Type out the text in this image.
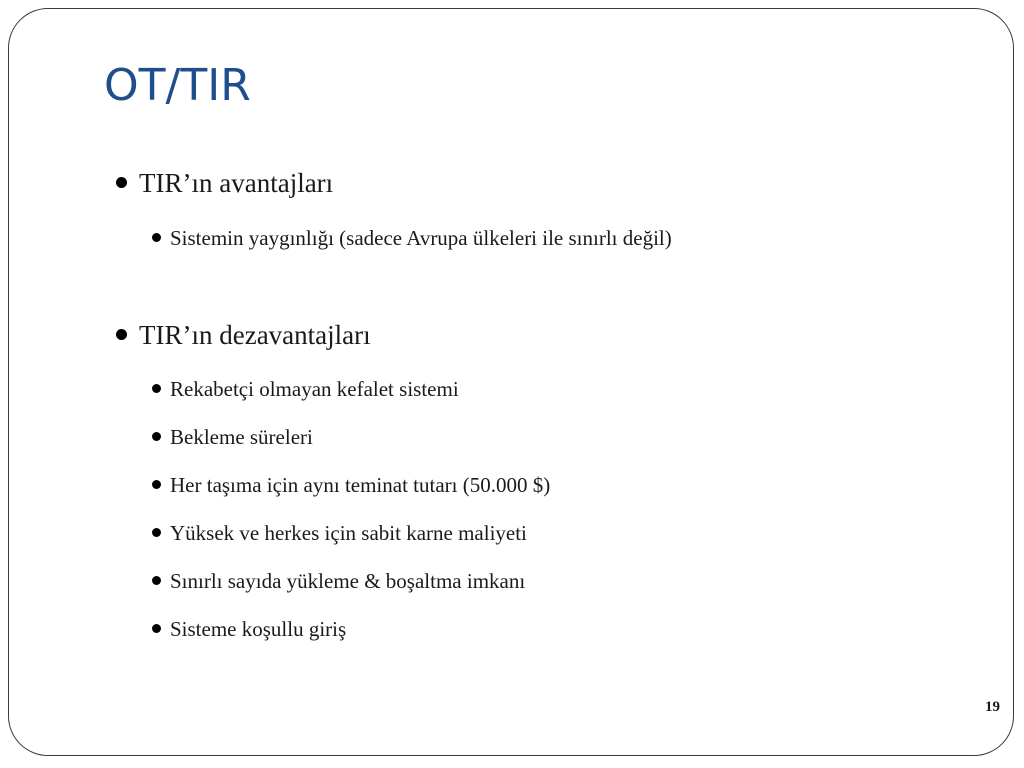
OT/TIR
TIR’ın avantajları
Sistemin yaygınlığı (sadece Avrupa ülkeleri ile sınırlı değil)
TIR’ın dezavantajları
Rekabetçi olmayan kefalet sistemi
Bekleme süreleri
Her taşıma için aynı teminat tutarı (50.000 $)
Yüksek ve herkes için sabit karne maliyeti
Sınırlı sayıda yükleme & boşaltma imkanı
Sisteme koşullu giriş
19
